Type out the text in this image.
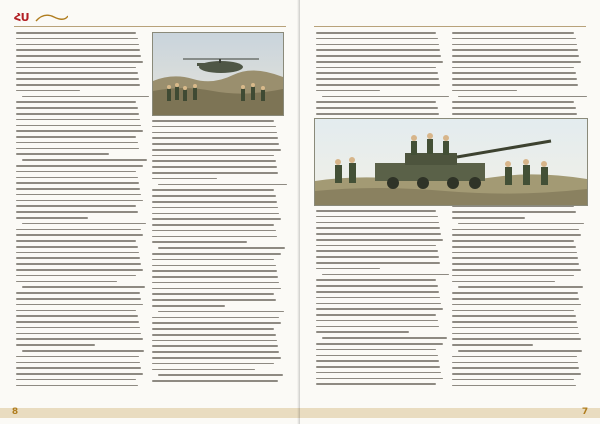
ՀՍ
8	7
